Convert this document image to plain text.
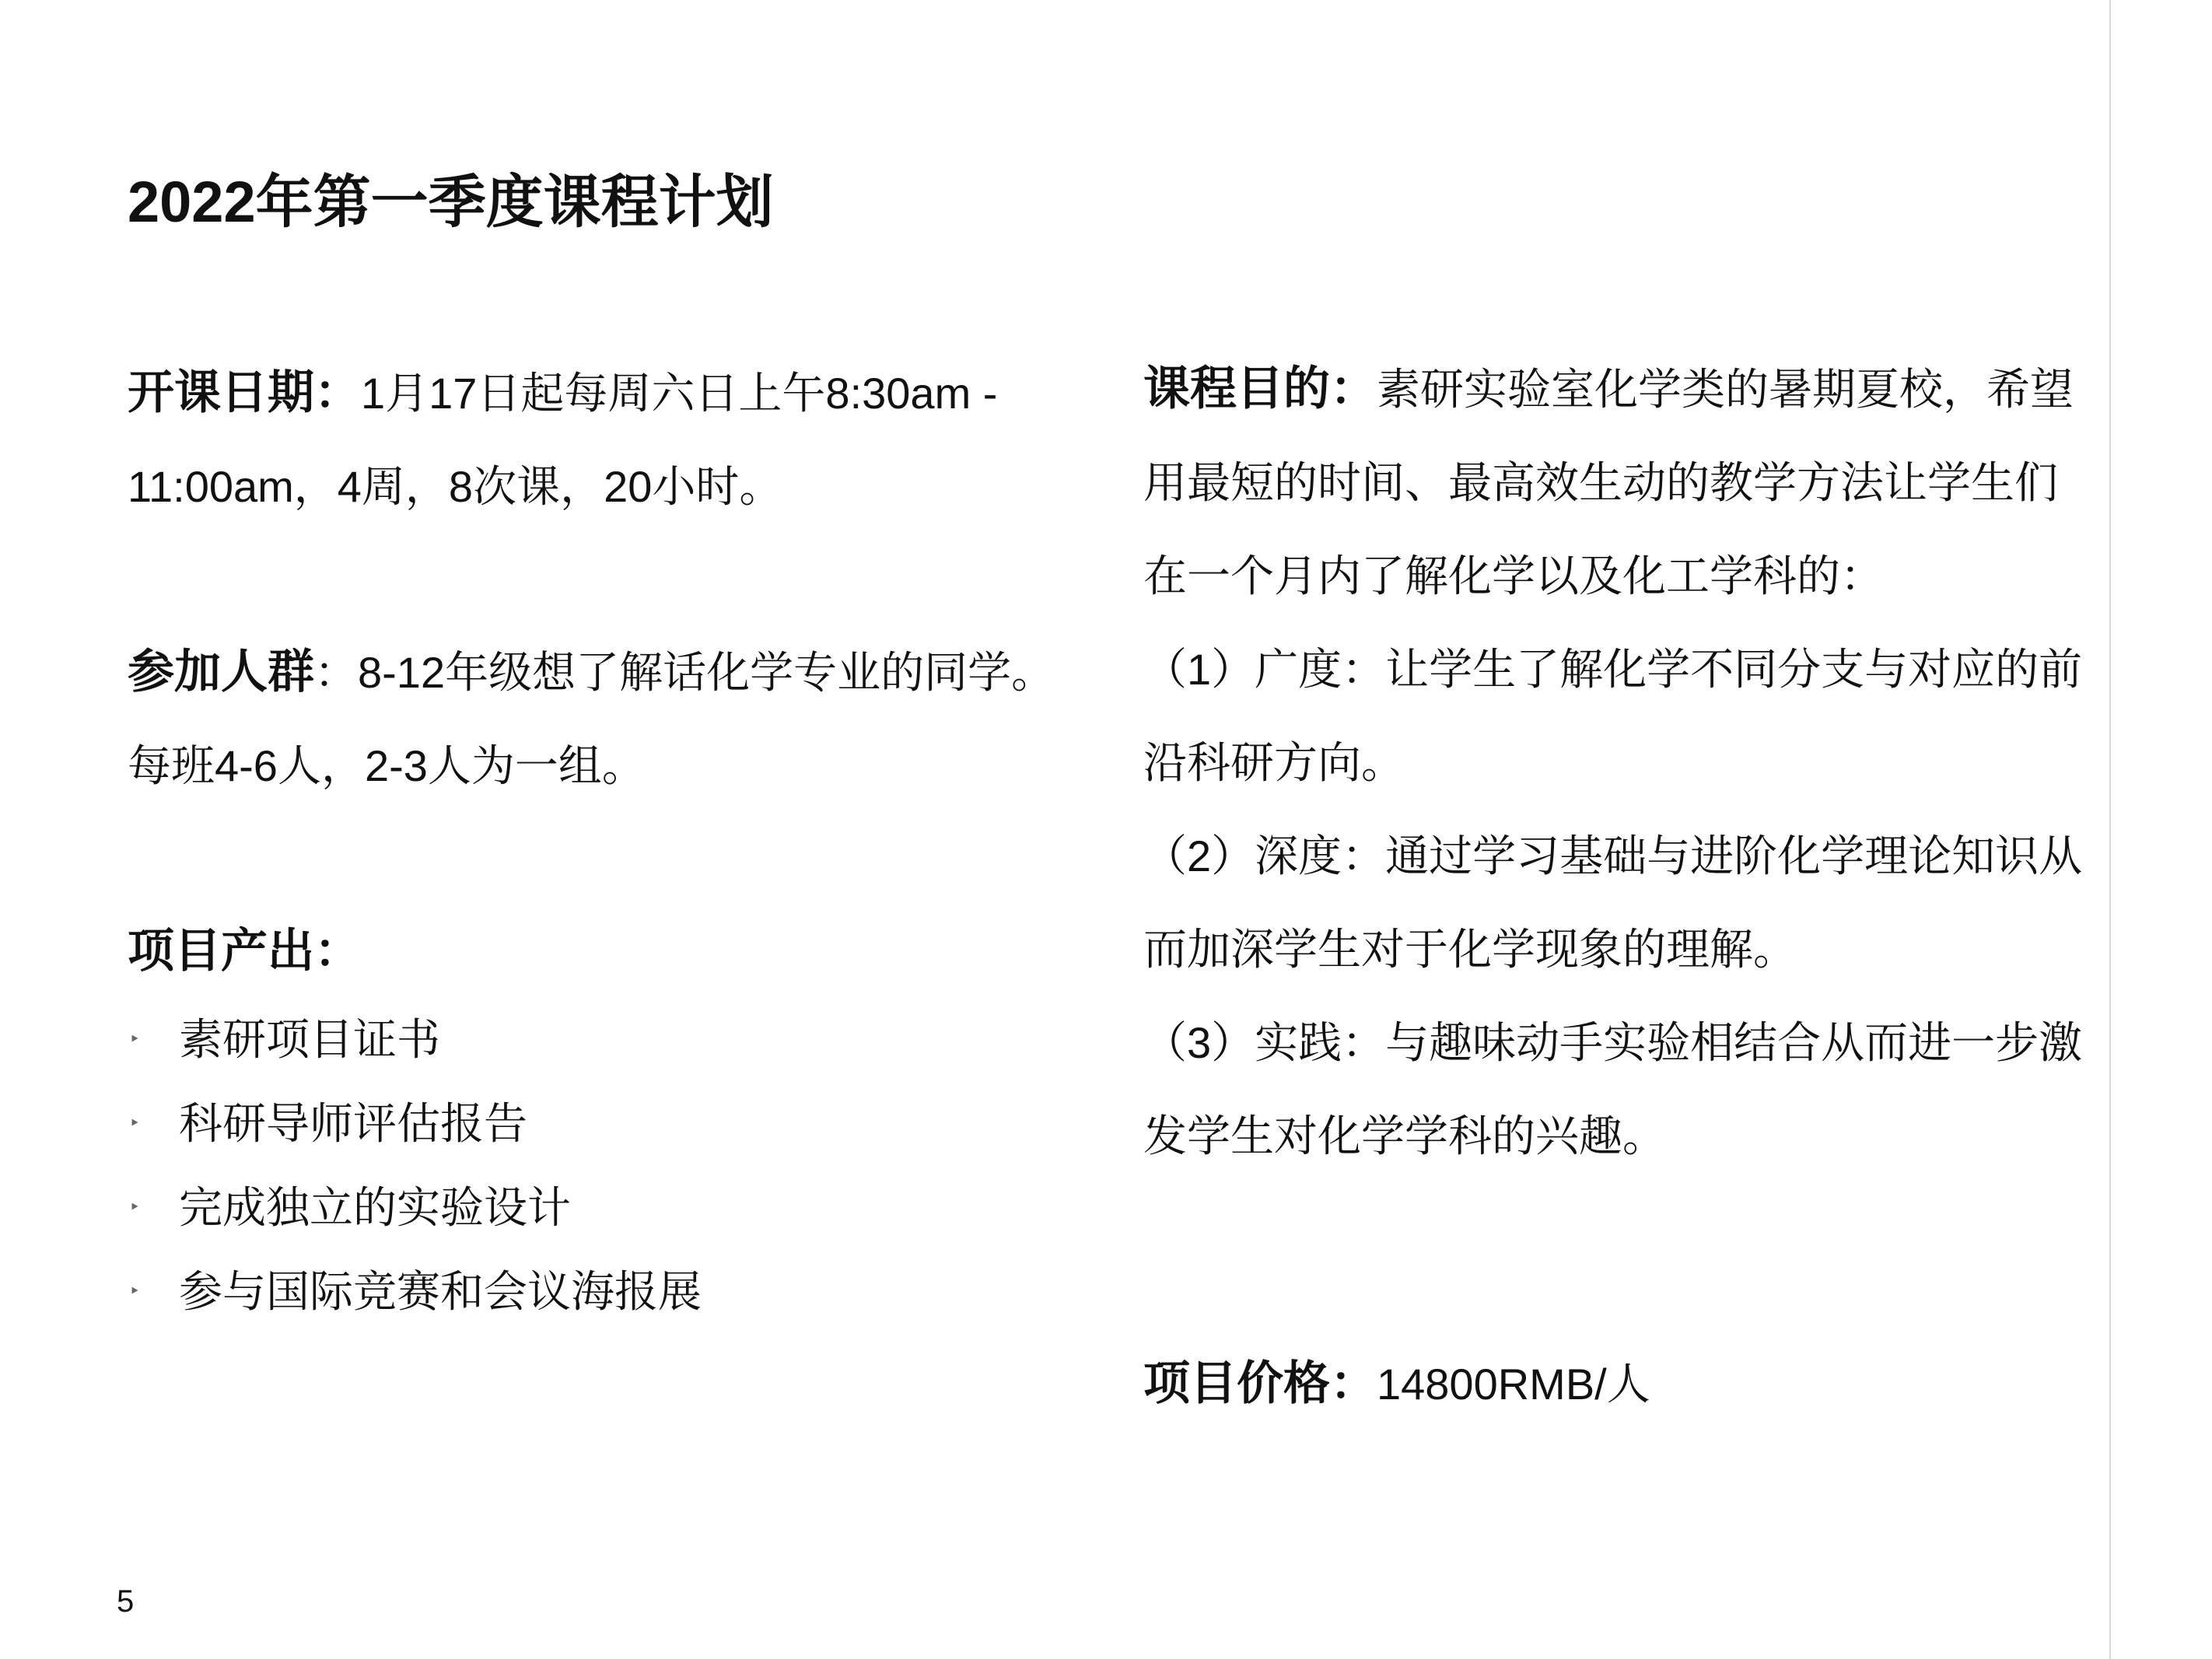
2022年第一季度课程计划

开课日期：1月17日起每周六日上午8:30am - 11:00am，4周，8次课，20小时。

参加人群：8-12年级想了解话化学专业的同学。每班4-6人，2-3人为一组。

项目产出：

‣ 素研项目证书
‣ 科研导师评估报告
‣ 完成独立的实验设计
‣ 参与国际竞赛和会议海报展

课程目的：素研实验室化学类的暑期夏校，希望用最短的时间、最高效生动的教学方法让学生们在一个月内了解化学以及化工学科的：

（1）广度：让学生了解化学不同分支与对应的前沿科研方向。

（2）深度：通过学习基础与进阶化学理论知识从而加深学生对于化学现象的理解。

（3）实践：与趣味动手实验相结合从而进一步激发学生对化学学科的兴趣。

项目价格：14800RMB/人

5
